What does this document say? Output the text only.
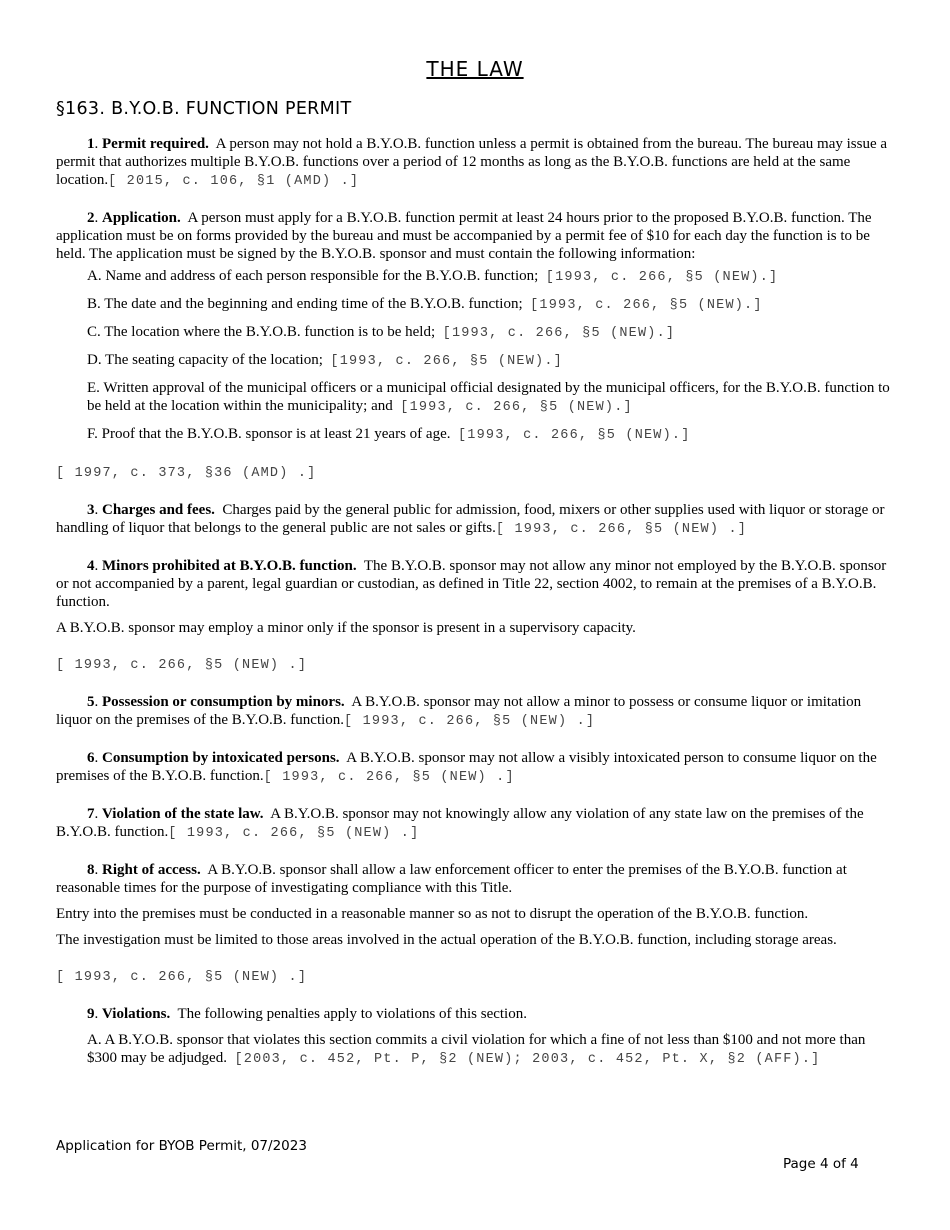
THE LAW
§163. B.Y.O.B. FUNCTION PERMIT

1. Permit required. A person may not hold a B.Y.O.B. function unless a permit is obtained from the bureau. The bureau may issue a permit that authorizes multiple B.Y.O.B. functions over a period of 12 months as long as the B.Y.O.B. functions are held at the same location.[ 2015, c. 106, §1 (AMD) .]

2. Application. A person must apply for a B.Y.O.B. function permit at least 24 hours prior to the proposed B.Y.O.B. function. The application must be on forms provided by the bureau and must be accompanied by a permit fee of $10 for each day the function is to be held. The application must be signed by the B.Y.O.B. sponsor and must contain the following information:

A. Name and address of each person responsible for the B.Y.O.B. function; [1993, c. 266, §5 (NEW).]

B. The date and the beginning and ending time of the B.Y.O.B. function; [1993, c. 266, §5 (NEW).]

C. The location where the B.Y.O.B. function is to be held; [1993, c. 266, §5 (NEW).]

D. The seating capacity of the location; [1993, c. 266, §5 (NEW).]

E. Written approval of the municipal officers or a municipal official designated by the municipal officers, for the B.Y.O.B. function to be held at the location within the municipality; and [1993, c. 266, §5 (NEW).]

F. Proof that the B.Y.O.B. sponsor is at least 21 years of age. [1993, c. 266, §5 (NEW).]

[ 1997, c. 373, §36 (AMD) .]

3. Charges and fees. Charges paid by the general public for admission, food, mixers or other supplies used with liquor or storage or handling of liquor that belongs to the general public are not sales or gifts.[ 1993, c. 266, §5 (NEW) .]

4. Minors prohibited at B.Y.O.B. function. The B.Y.O.B. sponsor may not allow any minor not employed by the B.Y.O.B. sponsor or not accompanied by a parent, legal guardian or custodian, as defined in Title 22, section 4002, to remain at the premises of a B.Y.O.B. function.

A B.Y.O.B. sponsor may employ a minor only if the sponsor is present in a supervisory capacity.

[ 1993, c. 266, §5 (NEW) .]

5. Possession or consumption by minors. A B.Y.O.B. sponsor may not allow a minor to possess or consume liquor or imitation liquor on the premises of the B.Y.O.B. function.[ 1993, c. 266, §5 (NEW) .]

6. Consumption by intoxicated persons. A B.Y.O.B. sponsor may not allow a visibly intoxicated person to consume liquor on the premises of the B.Y.O.B. function.[ 1993, c. 266, §5 (NEW) .]

7. Violation of the state law. A B.Y.O.B. sponsor may not knowingly allow any violation of any state law on the premises of the B.Y.O.B. function.[ 1993, c. 266, §5 (NEW) .]

8. Right of access. A B.Y.O.B. sponsor shall allow a law enforcement officer to enter the premises of the B.Y.O.B. function at reasonable times for the purpose of investigating compliance with this Title.

Entry into the premises must be conducted in a reasonable manner so as not to disrupt the operation of the B.Y.O.B. function.

The investigation must be limited to those areas involved in the actual operation of the B.Y.O.B. function, including storage areas.

[ 1993, c. 266, §5 (NEW) .]

9. Violations. The following penalties apply to violations of this section.

A. A B.Y.O.B. sponsor that violates this section commits a civil violation for which a fine of not less than $100 and not more than $300 may be adjudged. [2003, c. 452, Pt. P, §2 (NEW); 2003, c. 452, Pt. X, §2 (AFF).]

Application for BYOB Permit, 07/2023
Page 4 of 4
